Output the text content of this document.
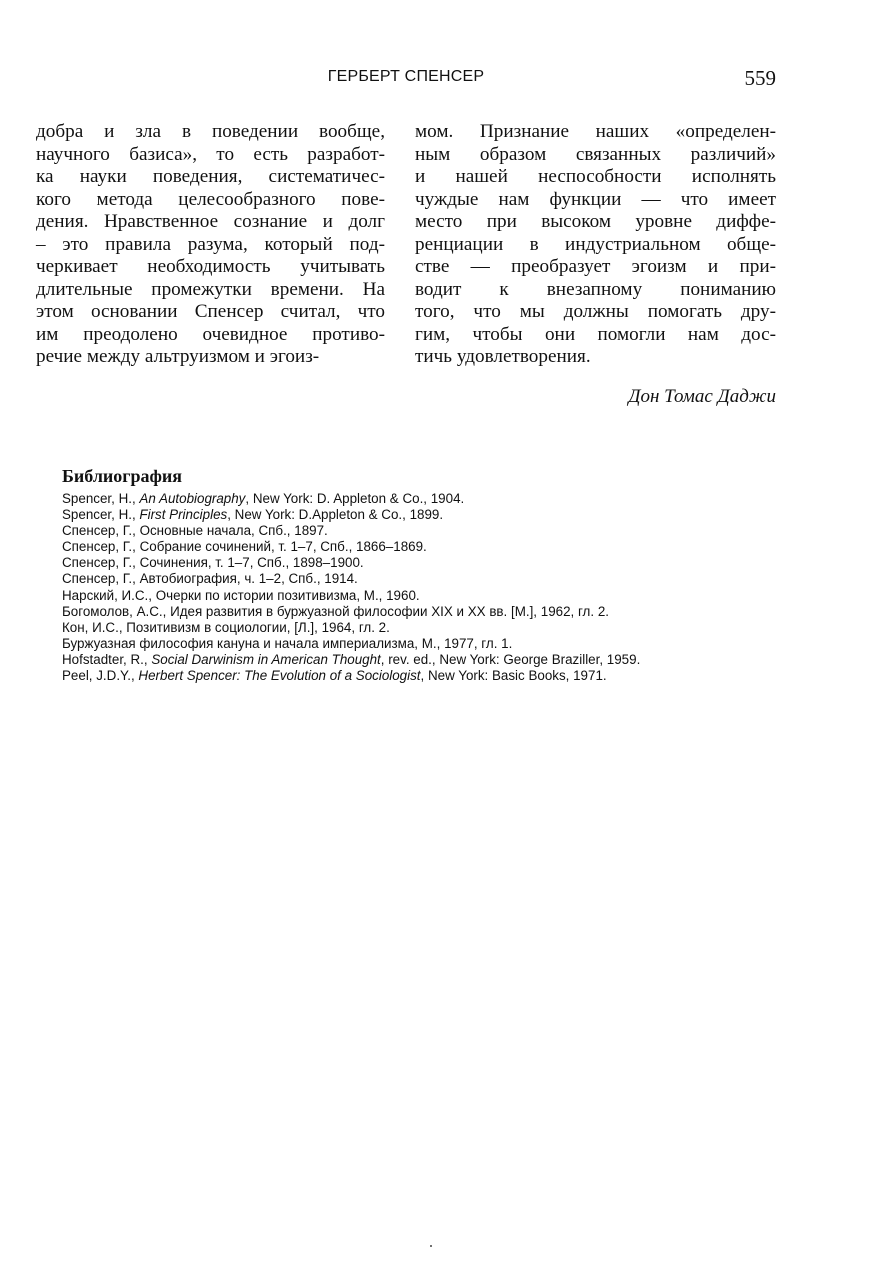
ГЕРБЕРТ СПЕНСЕР	559
добра и зла в поведении вообще,
научного базиса», то есть разработ-
ка науки поведения, систематичес-
кого метода целесообразного пове-
дения. Нравственное сознание и долг
– это правила разума, который под-
черкивает необходимость учитывать
длительные промежутки времени. На
этом основании Спенсер считал, что
им преодолено очевидное противо-
речие между альтруизмом и эгоиз-
мом. Признание наших «определен-
ным образом связанных различий»
и нашей неспособности исполнять
чуждые нам функции — что имеет
место при высоком уровне диффе-
ренциации в индустриальном обще-
стве — преобразует эгоизм и при-
водит к внезапному пониманию
того, что мы должны помогать дру-
гим, чтобы они помогли нам дос-
тичь удовлетворения.
Дон Томас Даджи
Библиография
Spencer, H., An Autobiography, New York: D. Appleton & Co., 1904.
Spencer, H., First Principles, New York: D.Appleton & Co., 1899.
Спенсер, Г., Основные начала, Спб., 1897.
Спенсер, Г., Собрание сочинений, т. 1–7, Спб., 1866–1869.
Спенсер, Г., Сочинения, т. 1–7, Спб., 1898–1900.
Спенсер, Г., Автобиография, ч. 1–2, Спб., 1914.
Нарский, И.С., Очерки по истории позитивизма, М., 1960.
Богомолов, А.С., Идея развития в буржуазной философии XIX и XX вв. [М.], 1962, гл. 2.
Кон, И.С., Позитивизм в социологии, [Л.], 1964, гл. 2.
Буржуазная философия кануна и начала империализма, М., 1977, гл. 1.
Hofstadter, R., Social Darwinism in American Thought, rev. ed., New York: George Braziller, 1959.
Peel, J.D.Y., Herbert Spencer: The Evolution of a Sociologist, New York: Basic Books, 1971.
